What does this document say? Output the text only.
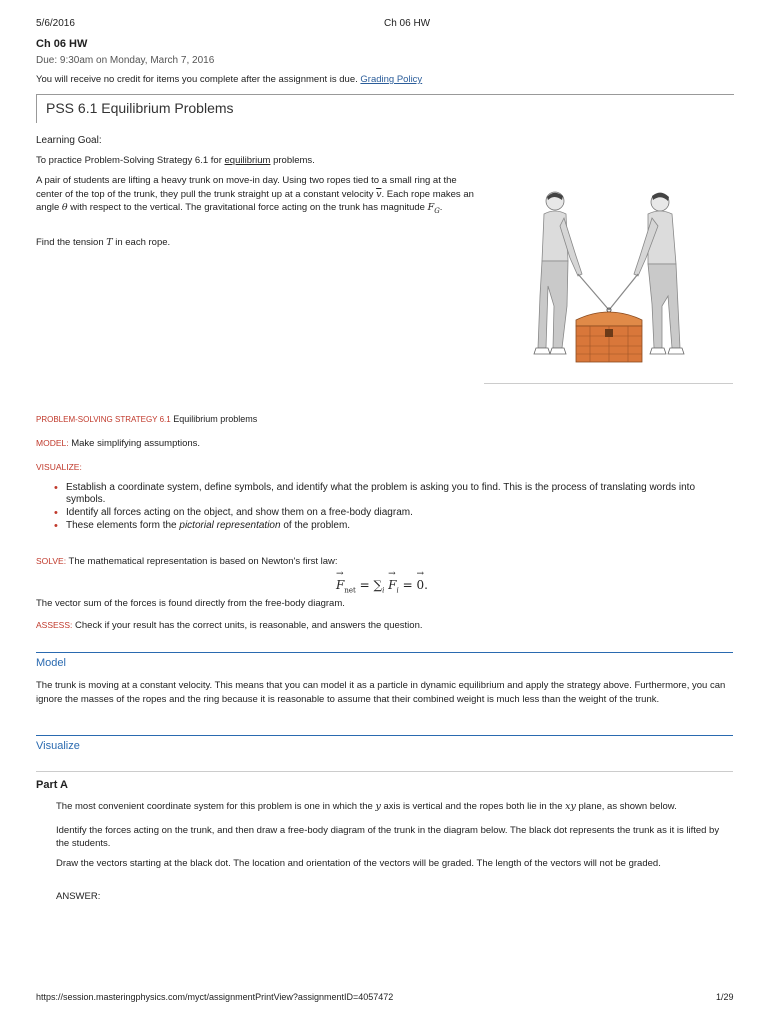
5/6/2016	Ch 06 HW
Ch 06 HW
Due: 9:30am on Monday, March 7, 2016
You will receive no credit for items you complete after the assignment is due. Grading Policy
PSS 6.1 Equilibrium Problems
Learning Goal:
To practice Problem-Solving Strategy 6.1 for equilibrium problems.
A pair of students are lifting a heavy trunk on move-in day. Using two ropes tied to a small ring at the center of the top of the trunk, they pull the trunk straight up at a constant velocity $\overline{v}$. Each rope makes an angle θ with respect to the vertical. The gravitational force acting on the trunk has magnitude $F_G$.
Find the tension T in each rope.
PROBLEM-SOLVING STRATEGY 6.1 Equilibrium problems
MODEL: Make simplifying assumptions.
VISUALIZE:
• Establish a coordinate system, define symbols, and identify what the problem is asking you to find. This is the process of translating words into symbols.
• Identify all forces acting on the object, and show them on a free-body diagram.
• These elements form the pictorial representation of the problem.
SOLVE: The mathematical representation is based on Newton's first law:
F
→
$_{net} = \sum_i$ F
→
$_i$ = 0
→
.
The vector sum of the forces is found directly from the free-body diagram.
ASSESS: Check if your result has the correct units, is reasonable, and answers the question.
Model
The trunk is moving at a constant velocity. This means that you can model it as a particle in dynamic equilibrium and apply the strategy above. Furthermore, you can ignore the masses of the ropes and the ring because it is reasonable to assume that their combined weight is much less than the weight of the trunk.
Visualize
Part A
The most convenient coordinate system for this problem is one in which the y axis is vertical and the ropes both lie in the xy plane, as shown below.
Identify the forces acting on the trunk, and then draw a free-body diagram of the trunk in the diagram below. The black dot represents the trunk as it is lifted by the students.
Draw the vectors starting at the black dot. The location and orientation of the vectors will be graded. The length of the vectors will not be graded.
ANSWER:
https://session.masteringphysics.com/myct/assignmentPrintView?assignmentID=4057472	1/29
